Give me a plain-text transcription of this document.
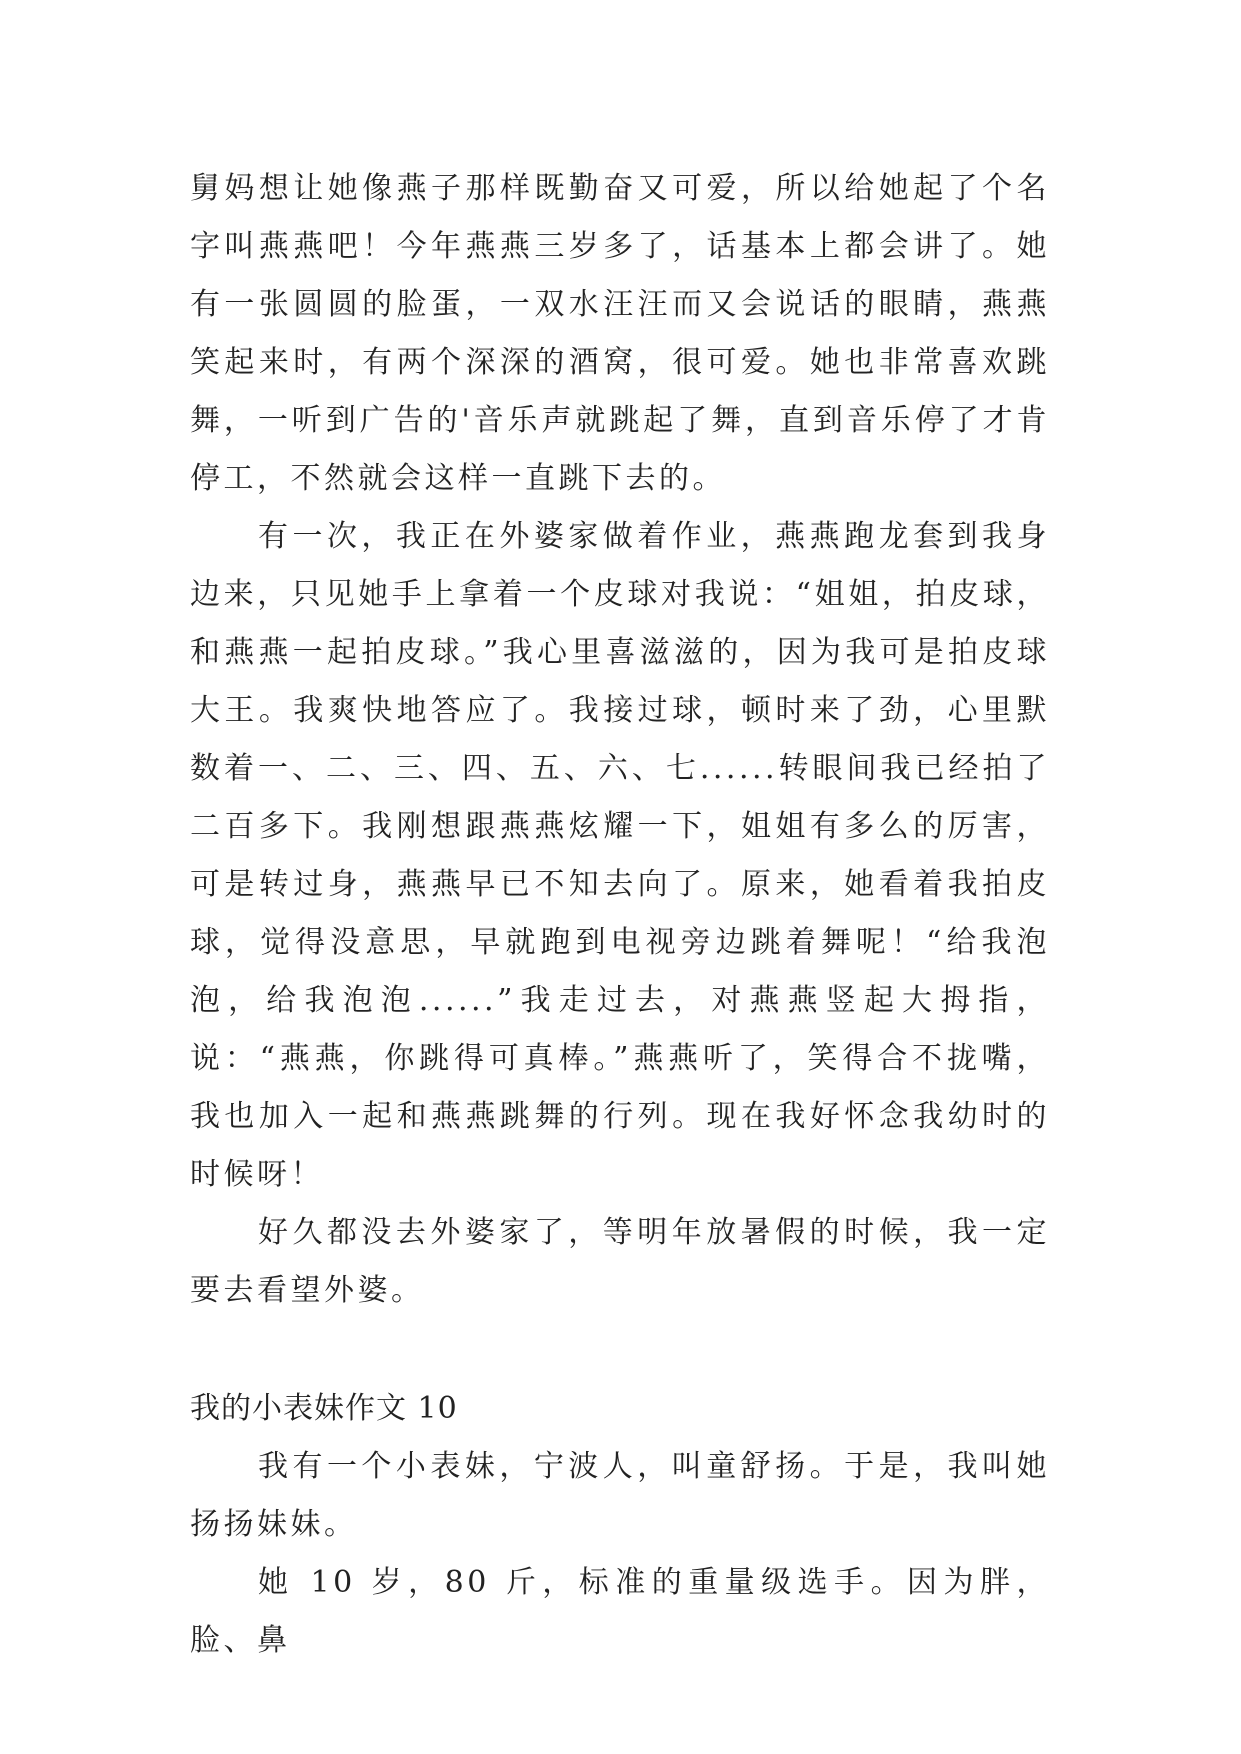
舅妈想让她像燕子那样既勤奋又可爱，所以给她起了个名字叫燕燕吧！今年燕燕三岁多了，话基本上都会讲了。她有一张圆圆的脸蛋，一双水汪汪而又会说话的眼睛，燕燕笑起来时，有两个深深的酒窝，很可爱。她也非常喜欢跳舞，一听到广告的'音乐声就跳起了舞，直到音乐停了才肯停工，不然就会这样一直跳下去的。

有一次，我正在外婆家做着作业，燕燕跑龙套到我身边来，只见她手上拿着一个皮球对我说：“姐姐，拍皮球，和燕燕一起拍皮球。”我心里喜滋滋的，因为我可是拍皮球大王。我爽快地答应了。我接过球，顿时来了劲，心里默数着一、二、三、四、五、六、七......转眼间我已经拍了二百多下。我刚想跟燕燕炫耀一下，姐姐有多么的厉害，可是转过身，燕燕早已不知去向了。原来，她看着我拍皮球，觉得没意思，早就跑到电视旁边跳着舞呢！“给我泡泡，给我泡泡......”我走过去，对燕燕竖起大拇指，说：“燕燕，你跳得可真棒。”燕燕听了，笑得合不拢嘴，我也加入一起和燕燕跳舞的行列。现在我好怀念我幼时的时候呀！

好久都没去外婆家了，等明年放暑假的时候，我一定要去看望外婆。

我的小表妹作文 10

我有一个小表妹，宁波人，叫童舒扬。于是，我叫她扬扬妹妹。

她 10 岁，80 斤，标准的重量级选手。因为胖，脸、鼻
